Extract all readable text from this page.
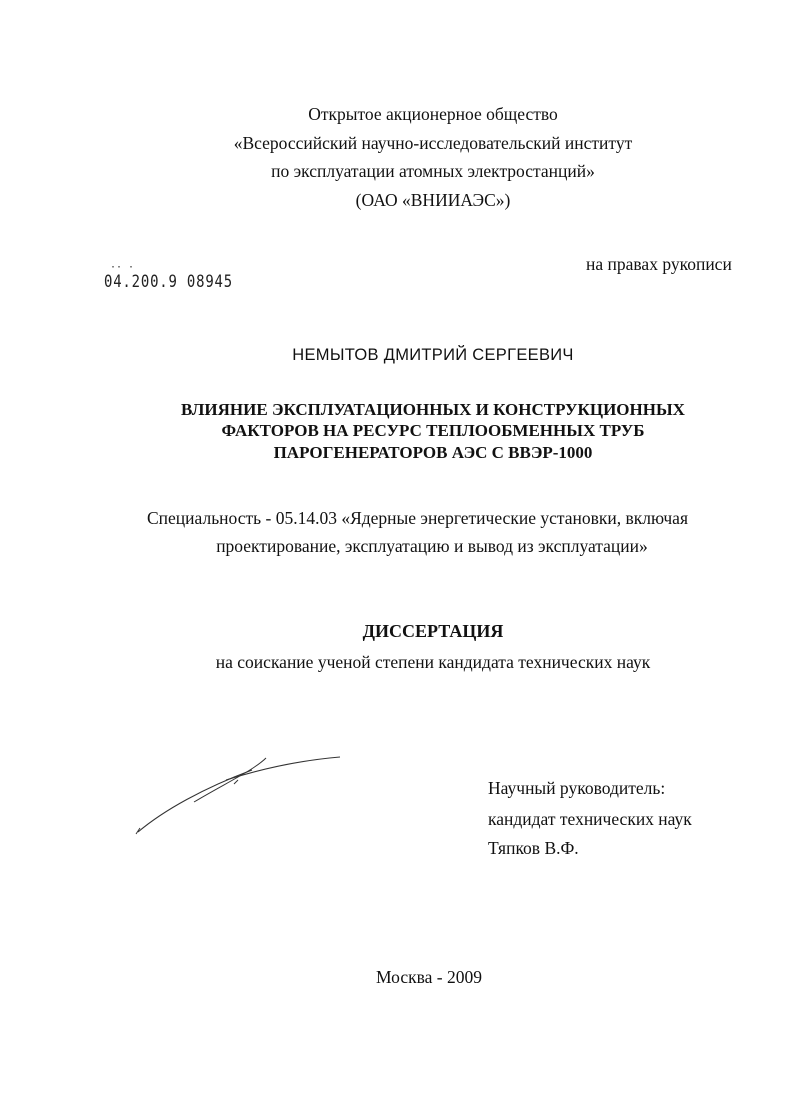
Открытое акционерное общество
«Всероссийский научно-исследовательский институт
по эксплуатации атомных электростанций»
(ОАО «ВНИИАЭС»)
·· ·
04.200.9 08945
на правах рукописи
НЕМЫТОВ ДМИТРИЙ СЕРГЕЕВИЧ
ВЛИЯНИЕ ЭКСПЛУАТАЦИОННЫХ И КОНСТРУКЦИОННЫХ
ФАКТОРОВ НА РЕСУРС ТЕПЛООБМЕННЫХ ТРУБ
ПАРОГЕНЕРАТОРОВ АЭС С ВВЭР-1000
Специальность - 05.14.03 «Ядерные энергетические установки, включая
проектирование, эксплуатацию и вывод из эксплуатации»
ДИССЕРТАЦИЯ
на соискание ученой степени кандидата технических наук
Научный руководитель:
кандидат технических наук
Тяпков В.Ф.
Москва - 2009
